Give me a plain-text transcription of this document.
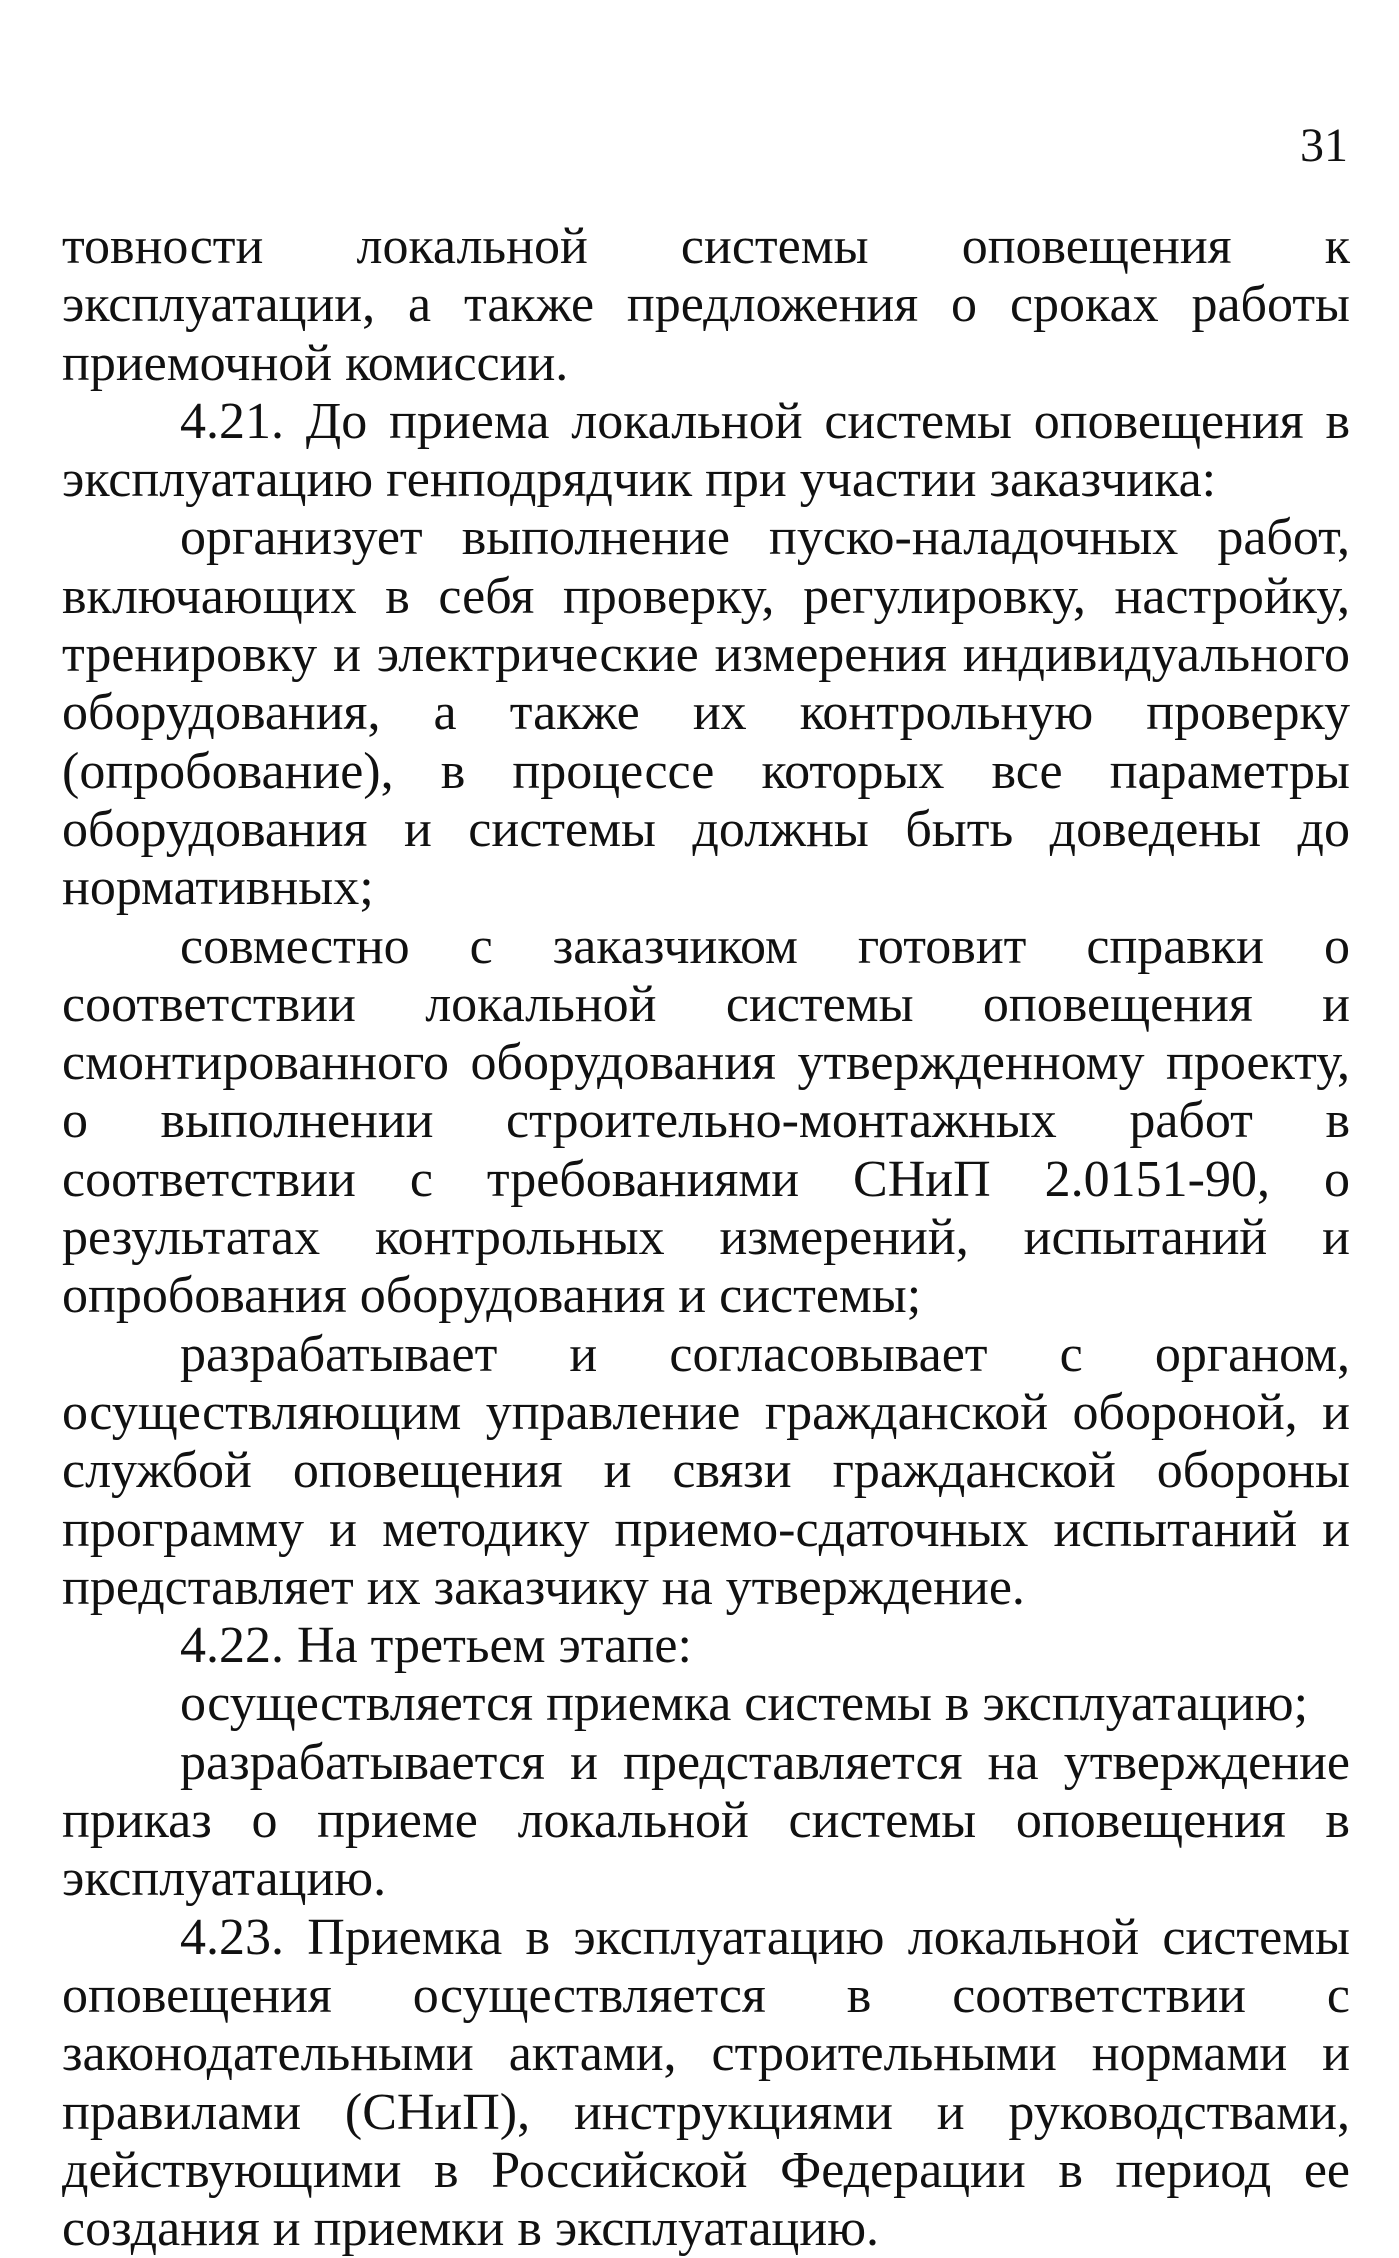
31

товности локальной системы оповещения к эксплуатации, а также предложения о сроках работы приемочной комиссии.

4.21. До приема локальной системы оповещения в эксплуатацию генподрядчик при участии заказчика:

организует выполнение пуско-наладочных работ, включающих в себя проверку, регулировку, настройку, тренировку и электрические измерения индивидуального оборудования, а также их контрольную проверку (опробование), в процессе которых все параметры оборудования и системы должны быть доведены до нормативных;

совместно с заказчиком готовит справки о соответствии локальной системы оповещения и смонтированного оборудования утвержденному проекту, о выполнении строительно-монтажных работ в соответствии с требованиями СНиП 2.0151-90, о результатах контрольных измерений, испытаний и опробования оборудования и системы;

разрабатывает и согласовывает с органом, осуществляющим управление гражданской обороной, и службой оповещения и связи гражданской обороны программу и методику приемо-сдаточных испытаний и представляет их заказчику на утверждение.

4.22. На третьем этапе:

осуществляется приемка системы в эксплуатацию;

разрабатывается и представляется на утверждение приказ о приеме локальной системы оповещения в эксплуатацию.

4.23. Приемка в эксплуатацию локальной системы оповещения осуществляется в соответствии с законодательными актами, строительными нормами и правилами (СНиП), инструкциями и руководствами, действующими в Российской Федерации в период ее создания и приемки в эксплуатацию.
